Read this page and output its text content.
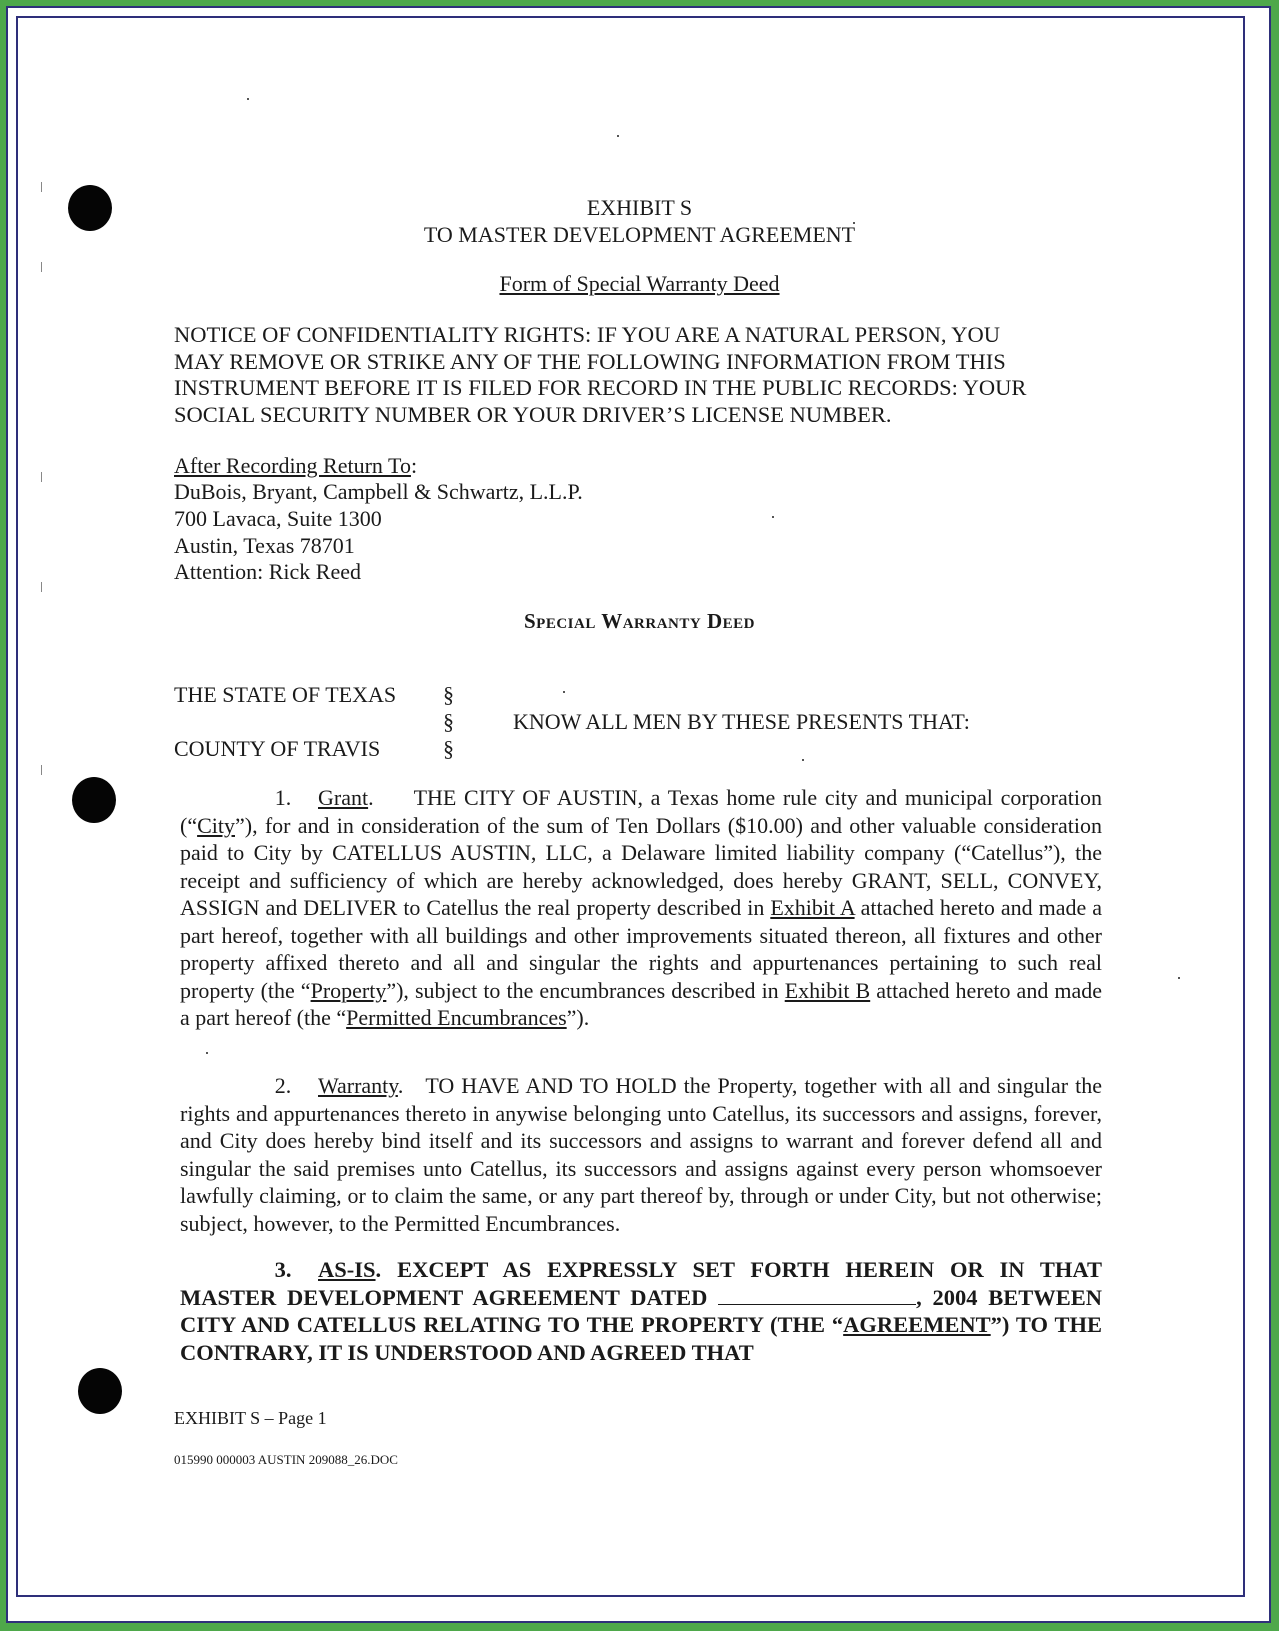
EXHIBIT S
TO MASTER DEVELOPMENT AGREEMENT
Form of Special Warranty Deed
NOTICE OF CONFIDENTIALITY RIGHTS: IF YOU ARE A NATURAL PERSON, YOU
MAY REMOVE OR STRIKE ANY OF THE FOLLOWING INFORMATION FROM THIS
INSTRUMENT BEFORE IT IS FILED FOR RECORD IN THE PUBLIC RECORDS: YOUR
SOCIAL SECURITY NUMBER OR YOUR DRIVER’S LICENSE NUMBER.
After Recording Return To:
DuBois, Bryant, Campbell & Schwartz, L.L.P.
700 Lavaca, Suite 1300
Austin, Texas 78701
Attention: Rick Reed
Special Warranty Deed
THE STATE OF TEXAS
COUNTY OF TRAVIS
§
§
§
KNOW ALL MEN BY THESE PRESENTS THAT:
1. Grant. THE CITY OF AUSTIN, a Texas home rule city and municipal corporation (“City”), for and in consideration of the sum of Ten Dollars ($10.00) and other valuable consideration paid to City by CATELLUS AUSTIN, LLC, a Delaware limited liability company (“Catellus”), the receipt and sufficiency of which are hereby acknowledged, does hereby GRANT, SELL, CONVEY, ASSIGN and DELIVER to Catellus the real property described in Exhibit A attached hereto and made a part hereof, together with all buildings and other improvements situated thereon, all fixtures and other property affixed thereto and all and singular the rights and appurtenances pertaining to such real property (the “Property”), subject to the encumbrances described in Exhibit B attached hereto and made a part hereof (the “Permitted Encumbrances”).
2. Warranty. TO HAVE AND TO HOLD the Property, together with all and singular the rights and appurtenances thereto in anywise belonging unto Catellus, its successors and assigns, forever, and City does hereby bind itself and its successors and assigns to warrant and forever defend all and singular the said premises unto Catellus, its successors and assigns against every person whomsoever lawfully claiming, or to claim the same, or any part thereof by, through or under City, but not otherwise; subject, however, to the Permitted Encumbrances.
3. AS-IS. EXCEPT AS EXPRESSLY SET FORTH HEREIN OR IN THAT MASTER DEVELOPMENT AGREEMENT DATED	, 2004 BETWEEN CITY AND CATELLUS RELATING TO THE PROPERTY (THE “AGREEMENT”) TO THE CONTRARY, IT IS UNDERSTOOD AND AGREED THAT
EXHIBIT S – Page 1
015990 000003 AUSTIN 209088_26.DOC
